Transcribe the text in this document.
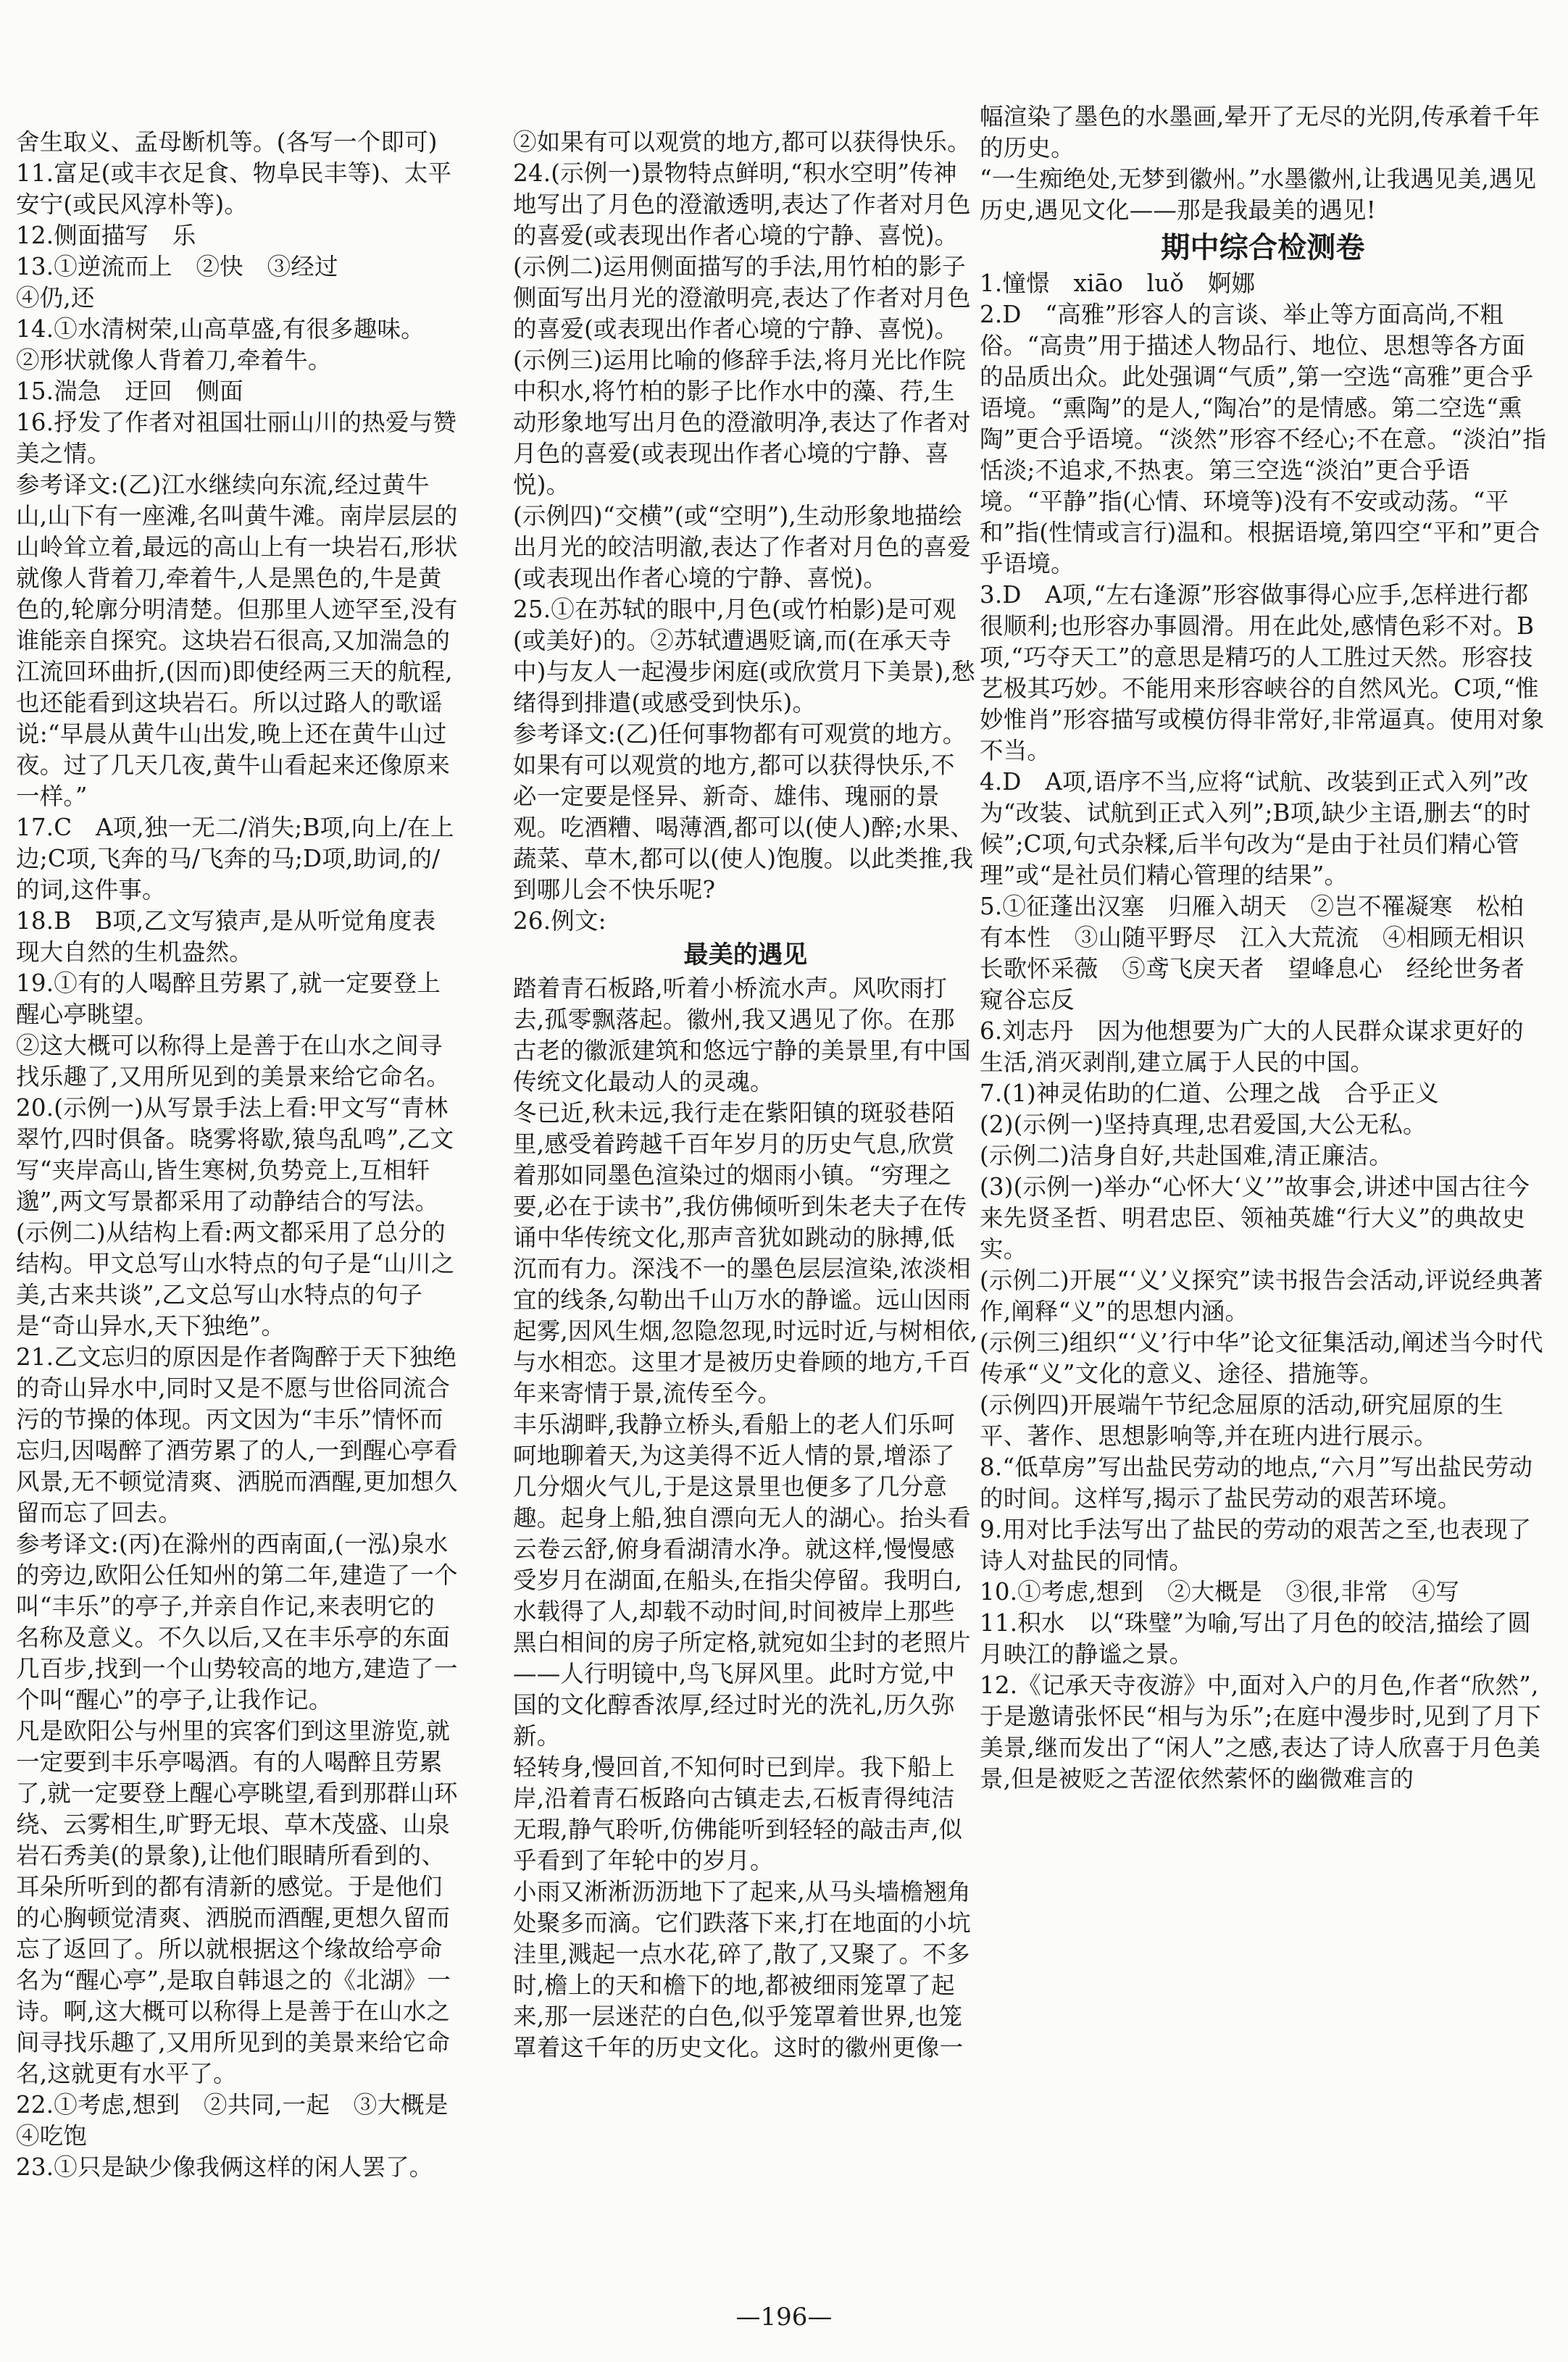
舍生取义、孟母断机等。(各写一个即可)
11.富足(或丰衣足食、物阜民丰等)、太平安宁(或民风淳朴等)。
12.侧面描写　乐
13.①逆流而上　②快　③经过
④仍,还
14.①水清树荣,山高草盛,有很多趣味。
②形状就像人背着刀,牵着牛。
15.湍急　迂回　侧面
16.抒发了作者对祖国壮丽山川的热爱与赞美之情。
参考译文:(乙)江水继续向东流,经过黄牛山,山下有一座滩,名叫黄牛滩。南岸层层的山岭耸立着,最远的高山上有一块岩石,形状就像人背着刀,牵着牛,人是黑色的,牛是黄色的,轮廓分明清楚。但那里人迹罕至,没有谁能亲自探究。这块岩石很高,又加湍急的江流回环曲折,(因而)即使经两三天的航程,也还能看到这块岩石。所以过路人的歌谣说:“早晨从黄牛山出发,晚上还在黄牛山过夜。过了几天几夜,黄牛山看起来还像原来一样。”
17.C　A项,独一无二/消失;B项,向上/在上边;C项,飞奔的马/飞奔的马;D项,助词,的/的词,这件事。
18.B　B项,乙文写猿声,是从听觉角度表现大自然的生机盎然。
19.①有的人喝醉且劳累了,就一定要登上醒心亭眺望。
②这大概可以称得上是善于在山水之间寻找乐趣了,又用所见到的美景来给它命名。
20.(示例一)从写景手法上看:甲文写“青林翠竹,四时俱备。晓雾将歇,猿鸟乱鸣”,乙文写“夹岸高山,皆生寒树,负势竞上,互相轩邈”,两文写景都采用了动静结合的写法。
(示例二)从结构上看:两文都采用了总分的结构。甲文总写山水特点的句子是“山川之美,古来共谈”,乙文总写山水特点的句子是“奇山异水,天下独绝”。
21.乙文忘归的原因是作者陶醉于天下独绝的奇山异水中,同时又是不愿与世俗同流合污的节操的体现。丙文因为“丰乐”情怀而忘归,因喝醉了酒劳累了的人,一到醒心亭看风景,无不顿觉清爽、洒脱而酒醒,更加想久留而忘了回去。
参考译文:(丙)在滁州的西南面,(一泓)泉水的旁边,欧阳公任知州的第二年,建造了一个叫“丰乐”的亭子,并亲自作记,来表明它的名称及意义。不久以后,又在丰乐亭的东面几百步,找到一个山势较高的地方,建造了一个叫“醒心”的亭子,让我作记。
凡是欧阳公与州里的宾客们到这里游览,就一定要到丰乐亭喝酒。有的人喝醉且劳累了,就一定要登上醒心亭眺望,看到那群山环绕、云雾相生,旷野无垠、草木茂盛、山泉岩石秀美(的景象),让他们眼睛所看到的、耳朵所听到的都有清新的感觉。于是他们的心胸顿觉清爽、洒脱而酒醒,更想久留而忘了返回了。所以就根据这个缘故给亭命名为“醒心亭”,是取自韩退之的《北湖》一诗。啊,这大概可以称得上是善于在山水之间寻找乐趣了,又用所见到的美景来给它命名,这就更有水平了。
22.①考虑,想到　②共同,一起　③大概是　④吃饱
23.①只是缺少像我俩这样的闲人罢了。
②如果有可以观赏的地方,都可以获得快乐。
24.(示例一)景物特点鲜明,“积水空明”传神地写出了月色的澄澈透明,表达了作者对月色的喜爱(或表现出作者心境的宁静、喜悦)。
(示例二)运用侧面描写的手法,用竹柏的影子侧面写出月光的澄澈明亮,表达了作者对月色的喜爱(或表现出作者心境的宁静、喜悦)。
(示例三)运用比喻的修辞手法,将月光比作院中积水,将竹柏的影子比作水中的藻、荇,生动形象地写出月色的澄澈明净,表达了作者对月色的喜爱(或表现出作者心境的宁静、喜悦)。
(示例四)“交横”(或“空明”),生动形象地描绘出月光的皎洁明澈,表达了作者对月色的喜爱(或表现出作者心境的宁静、喜悦)。
25.①在苏轼的眼中,月色(或竹柏影)是可观(或美好)的。②苏轼遭遇贬谪,而(在承天寺中)与友人一起漫步闲庭(或欣赏月下美景),愁绪得到排遣(或感受到快乐)。
参考译文:(乙)任何事物都有可观赏的地方。如果有可以观赏的地方,都可以获得快乐,不必一定要是怪异、新奇、雄伟、瑰丽的景观。吃酒糟、喝薄酒,都可以(使人)醉;水果、蔬菜、草木,都可以(使人)饱腹。以此类推,我到哪儿会不快乐呢?
26.例文:
最美的遇见
踏着青石板路,听着小桥流水声。风吹雨打去,孤零飘落起。徽州,我又遇见了你。在那古老的徽派建筑和悠远宁静的美景里,有中国传统文化最动人的灵魂。
冬已近,秋未远,我行走在紫阳镇的斑驳巷陌里,感受着跨越千百年岁月的历史气息,欣赏着那如同墨色渲染过的烟雨小镇。“穷理之要,必在于读书”,我仿佛倾听到朱老夫子在传诵中华传统文化,那声音犹如跳动的脉搏,低沉而有力。深浅不一的墨色层层渲染,浓淡相宜的线条,勾勒出千山万水的静谧。远山因雨起雾,因风生烟,忽隐忽现,时远时近,与树相依,与水相恋。这里才是被历史眷顾的地方,千百年来寄情于景,流传至今。
丰乐湖畔,我静立桥头,看船上的老人们乐呵呵地聊着天,为这美得不近人情的景,增添了几分烟火气儿,于是这景里也便多了几分意趣。起身上船,独自漂向无人的湖心。抬头看云卷云舒,俯身看湖清水净。就这样,慢慢感受岁月在湖面,在船头,在指尖停留。我明白,水载得了人,却载不动时间,时间被岸上那些黑白相间的房子所定格,就宛如尘封的老照片——人行明镜中,鸟飞屏风里。此时方觉,中国的文化醇香浓厚,经过时光的洗礼,历久弥新。
轻转身,慢回首,不知何时已到岸。我下船上岸,沿着青石板路向古镇走去,石板青得纯洁无瑕,静气聆听,仿佛能听到轻轻的敲击声,似乎看到了年轮中的岁月。
小雨又淅淅沥沥地下了起来,从马头墙檐翘角处聚多而滴。它们跌落下来,打在地面的小坑洼里,溅起一点水花,碎了,散了,又聚了。不多时,檐上的天和檐下的地,都被细雨笼罩了起来,那一层迷茫的白色,似乎笼罩着世界,也笼罩着这千年的历史文化。这时的徽州更像一
幅渲染了墨色的水墨画,晕开了无尽的光阴,传承着千年的历史。
“一生痴绝处,无梦到徽州。”水墨徽州,让我遇见美,遇见历史,遇见文化——那是我最美的遇见!
期中综合检测卷
1.憧憬　xiāo　luǒ　婀娜
2.D　“高雅”形容人的言谈、举止等方面高尚,不粗俗。“高贵”用于描述人物品行、地位、思想等各方面的品质出众。此处强调“气质”,第一空选“高雅”更合乎语境。“熏陶”的是人,“陶冶”的是情感。第二空选“熏陶”更合乎语境。“淡然”形容不经心;不在意。“淡泊”指恬淡;不追求,不热衷。第三空选“淡泊”更合乎语境。“平静”指(心情、环境等)没有不安或动荡。“平和”指(性情或言行)温和。根据语境,第四空“平和”更合乎语境。
3.D　A项,“左右逢源”形容做事得心应手,怎样进行都很顺利;也形容办事圆滑。用在此处,感情色彩不对。B项,“巧夺天工”的意思是精巧的人工胜过天然。形容技艺极其巧妙。不能用来形容峡谷的自然风光。C项,“惟妙惟肖”形容描写或模仿得非常好,非常逼真。使用对象不当。
4.D　A项,语序不当,应将“试航、改装到正式入列”改为“改装、试航到正式入列”;B项,缺少主语,删去“的时候”;C项,句式杂糅,后半句改为“是由于社员们精心管理”或“是社员们精心管理的结果”。
5.①征蓬出汉塞　归雁入胡天　②岂不罹凝寒　松柏有本性　③山随平野尽　江入大荒流　④相顾无相识　长歌怀采薇　⑤鸢飞戾天者　望峰息心　经纶世务者　窥谷忘反
6.刘志丹　因为他想要为广大的人民群众谋求更好的生活,消灭剥削,建立属于人民的中国。
7.(1)神灵佑助的仁道、公理之战　合乎正义
(2)(示例一)坚持真理,忠君爱国,大公无私。
(示例二)洁身自好,共赴国难,清正廉洁。
(3)(示例一)举办“心怀大‘义’”故事会,讲述中国古往今来先贤圣哲、明君忠臣、领袖英雄“行大义”的典故史实。
(示例二)开展“‘义’义探究”读书报告会活动,评说经典著作,阐释“义”的思想内涵。
(示例三)组织“‘义’行中华”论文征集活动,阐述当今时代传承“义”文化的意义、途径、措施等。
(示例四)开展端午节纪念屈原的活动,研究屈原的生平、著作、思想影响等,并在班内进行展示。
8.“低草房”写出盐民劳动的地点,“六月”写出盐民劳动的时间。这样写,揭示了盐民劳动的艰苦环境。
9.用对比手法写出了盐民的劳动的艰苦之至,也表现了诗人对盐民的同情。
10.①考虑,想到　②大概是　③很,非常　④写
11.积水　以“珠璧”为喻,写出了月色的皎洁,描绘了圆月映江的静谧之景。
12.《记承天寺夜游》中,面对入户的月色,作者“欣然”,于是邀请张怀民“相与为乐”;在庭中漫步时,见到了月下美景,继而发出了“闲人”之感,表达了诗人欣喜于月色美景,但是被贬之苦涩依然萦怀的幽微难言的
—196—
